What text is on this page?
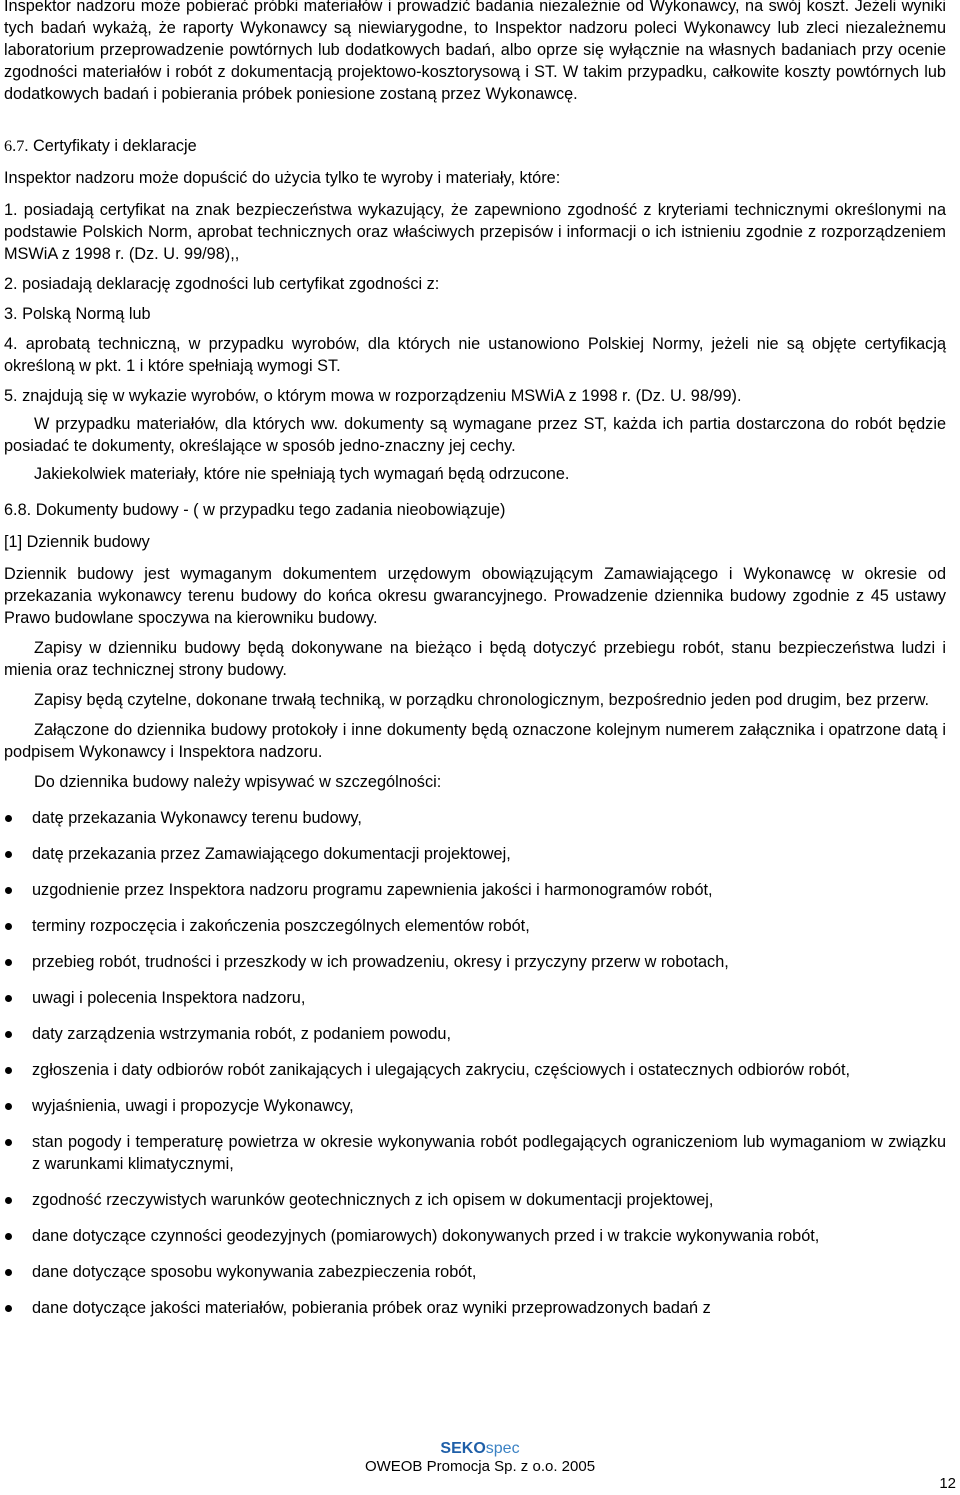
Inspektor nadzoru może pobierać próbki materiałów i prowadzić badania niezależnie od Wykonawcy, na swój koszt. Jeżeli wyniki tych badań wykażą, że raporty Wykonawcy są niewiarygodne, to Inspektor nadzoru poleci Wykonawcy lub zleci niezależnemu laboratorium przeprowadzenie powtórnych lub dodatkowych badań, albo oprze się wyłącznie na własnych badaniach przy ocenie zgodności materiałów i robót z dokumentacją projektowo-kosztorysową i ST. W takim przypadku, całkowite koszty powtórnych lub dodatkowych badań i pobierania próbek poniesione zostaną przez Wykonawcę.

6.7. Certyfikaty i deklaracje

Inspektor nadzoru może dopuścić do użycia tylko te wyroby i materiały, które:

1. posiadają certyfikat na znak bezpieczeństwa wykazujący, że zapewniono zgodność z kryteriami technicznymi określonymi na podstawie Polskich Norm, aprobat technicznych oraz właściwych przepisów i informacji o ich istnieniu zgodnie z rozporządzeniem MSWiA z 1998 r. (Dz. U. 99/98),,

2. posiadają deklarację zgodności lub certyfikat zgodności z:

3. Polską Normą lub

4. aprobatą techniczną, w przypadku wyrobów, dla których nie ustanowiono Polskiej Normy, jeżeli nie są objęte certyfikacją określoną w pkt. 1 i które spełniają wymogi ST.

5. znajdują się w wykazie wyrobów, o którym mowa w rozporządzeniu MSWiA z 1998 r. (Dz. U. 98/99).

W przypadku materiałów, dla których ww. dokumenty są wymagane przez ST, każda ich partia dostarczona do robót będzie posiadać te dokumenty, określające w sposób jedno-znaczny jej cechy.

Jakiekolwiek materiały, które nie spełniają tych wymagań będą odrzucone.

6.8. Dokumenty budowy - ( w przypadku tego zadania nieobowiązuje)

[1] Dziennik budowy

Dziennik budowy jest wymaganym dokumentem urzędowym obowiązującym Zamawiającego i Wykonawcę w okresie od przekazania wykonawcy terenu budowy do końca okresu gwarancyjnego. Prowadzenie dziennika budowy zgodnie z 45 ustawy Prawo budowlane spoczywa na kierowniku budowy.

Zapisy w dzienniku budowy będą dokonywane na bieżąco i będą dotyczyć przebiegu robót, stanu bezpieczeństwa ludzi i mienia oraz technicznej strony budowy.

Zapisy będą czytelne, dokonane trwałą techniką, w porządku chronologicznym, bezpośrednio jeden pod drugim, bez przerw.

Załączone do dziennika budowy protokoły i inne dokumenty będą oznaczone kolejnym numerem załącznika i opatrzone datą i podpisem Wykonawcy i Inspektora nadzoru.

Do dziennika budowy należy wpisywać w szczególności:

datę przekazania Wykonawcy terenu budowy,
datę przekazania przez Zamawiającego dokumentacji projektowej,
uzgodnienie przez Inspektora nadzoru programu zapewnienia jakości i harmonogramów robót,
terminy rozpoczęcia i zakończenia poszczególnych elementów robót,
przebieg robót, trudności i przeszkody w ich prowadzeniu, okresy i przyczyny przerw w robotach,
uwagi i polecenia Inspektora nadzoru,
daty zarządzenia wstrzymania robót, z podaniem powodu,
zgłoszenia i daty odbiorów robót zanikających i ulegających zakryciu, częściowych i ostatecznych odbiorów robót,
wyjaśnienia, uwagi i propozycje Wykonawcy,
stan pogody i temperaturę powietrza w okresie wykonywania robót podlegających ograniczeniom lub wymaganiom w związku z warunkami klimatycznymi,
zgodność rzeczywistych warunków geotechnicznych z ich opisem w dokumentacji projektowej,
dane dotyczące czynności geodezyjnych (pomiarowych) dokonywanych przed i w trakcie wykonywania robót,
dane dotyczące sposobu wykonywania zabezpieczenia robót,
dane dotyczące jakości materiałów, pobierania próbek oraz wyniki przeprowadzonych badań z
SEKOspec
OWEOB Promocja Sp. z o.o. 2005
12
